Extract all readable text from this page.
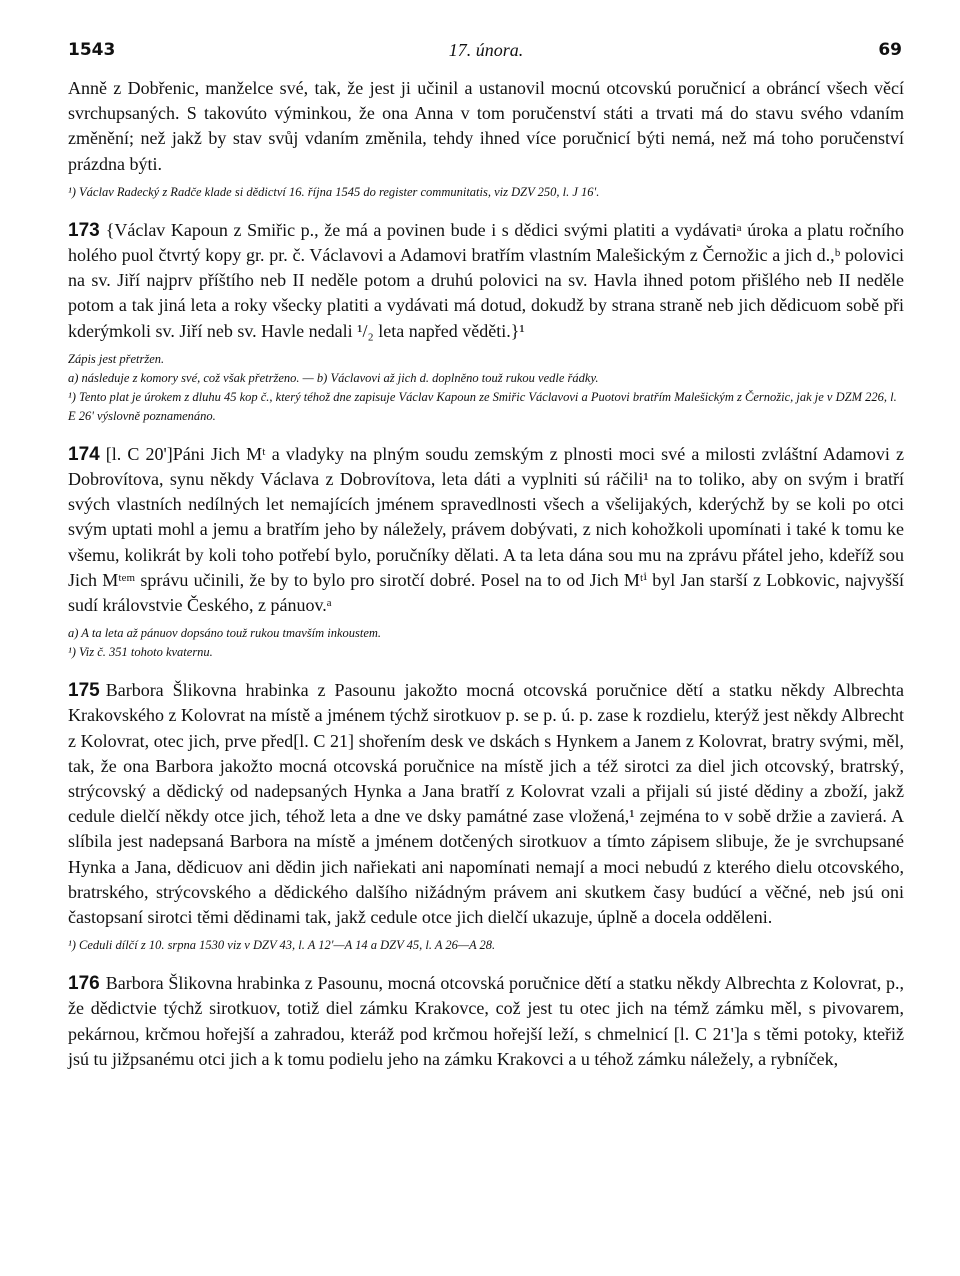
1543	17. února.	69

Anně z Dobřenic, manželce své, tak, že jest ji učinil a ustanovil mocnú otcovskú poručnicí a obráncí všech věcí svrchupsaných. S takovúto výminkou, že ona Anna v tom poručenství státi a trvati má do stavu svého vdaním změnění; než jakž by stav svůj vdaním změnila, tehdy ihned více poručnicí býti nemá, než má toho poručenství prázdna býti.

¹) Václav Radecký z Radče klade si dědictví 16. října 1545 do register communitatis, viz DZV 250, l. J 16'.

173 {Václav Kapoun z Smiřic p., že má a povinen bude i s dědici svými platiti a vydávatiᵃ úroka a platu ročního holého puol čtvrtý kopy gr. pr. č. Václavovi a Adamovi bratřím vlastním Malešickým z Černožic a jich d.,ᵇ polovici na sv. Jiří najprv příštího neb II neděle potom a druhú polovici na sv. Havla ihned potom přišlého neb II neděle potom a tak jiná leta a roky všecky platiti a vydávati má dotud, dokudž by strana straně neb jich dědicuom sobě při kderýmkoli sv. Jiří neb sv. Havle nedali ¹/₂ leta napřed věděti.}¹

Zápis jest přetržen.

a) následuje z komory své, což však přetrženo. — b) Václavovi až jich d. doplněno touž rukou vedle řádky.

¹) Tento plat je úrokem z dluhu 45 kop č., který téhož dne zapisuje Václav Kapoun ze Smiřic Václavovi a Puotovi bratřím Malešickým z Černožic, jak je v DZM 226, l. E 26' výslovně poznamenáno.

174 [l. C 20']Páni Jich Mᵗ a vladyky na plným soudu zemským z plnosti moci své a milosti zvláštní Adamovi z Dobrovítova, synu někdy Václava z Dobrovítova, leta dáti a vyplniti sú ráčili¹ na to toliko, aby on svým i bratří svých vlastních nedílných let nemajících jménem spravedlnosti všech a všelijakých, kderýchž by se koli po otci svým uptati mohl a jemu a bratřím jeho by náležely, právem dobývati, z nich kohožkoli upomínati i také k tomu ke všemu, kolikrát by koli toho potřebí bylo, poručníky dělati. A ta leta dána sou mu na zprávu přátel jeho, kdeříž sou Jich Mᵗᵉᵐ správu učinili, že by to bylo pro sirotčí dobré. Posel na to od Jich Mᵗⁱ byl Jan starší z Lobkovic, najvyšší sudí královstvie Českého, z pánuov.ᵃ

a) A ta leta až pánuov dopsáno touž rukou tmavším inkoustem.

¹) Viz č. 351 tohoto kvaternu.

175 Barbora Šlikovna hrabinka z Pasounu jakožto mocná otcovská poručnice dětí a statku někdy Albrechta Krakovského z Kolovrat na místě a jménem týchž sirotkuov p. se p. ú. p. zase k rozdielu, kterýž jest někdy Albrecht z Kolovrat, otec jich, prve před[l. C 21] shořením desk ve dskách s Hynkem a Janem z Kolovrat, bratry svými, měl, tak, že ona Barbora jakožto mocná otcovská poručnice na místě jich a též sirotci za diel jich otcovský, bratrský, strýcovský a dědický od nadepsaných Hynka a Jana bratří z Kolovrat vzali a přijali sú jisté dědiny a zboží, jakž cedule dielčí někdy otce jich, téhož leta a dne ve dsky památné zase vložená,¹ zejména to v sobě držie a zavierá. A slíbila jest nadepsaná Barbora na místě a jménem dotčených sirotkuov a tímto zápisem slibuje, že je svrchupsané Hynka a Jana, dědicuov ani dědin jich nařiekati ani napomínati nemají a moci nebudú z kterého dielu otcovského, bratrského, strýcovského a dědického dalšího nižádným právem ani skutkem časy budúcí a věčné, neb jsú oni častopsaní sirotci těmi dědinami tak, jakž cedule otce jich dielčí ukazuje, úplně a docela odděleni.

¹) Ceduli dílčí z 10. srpna 1530 viz v DZV 43, l. A 12'—A 14 a DZV 45, l. A 26—A 28.

176 Barbora Šlikovna hrabinka z Pasounu, mocná otcovská poručnice dětí a statku někdy Albrechta z Kolovrat, p., že dědictvie týchž sirotkuov, totiž diel zámku Krakovce, což jest tu otec jich na témž zámku měl, s pivovarem, pekárnou, krčmou hořejší a zahradou, kteráž pod krčmou hořejší leží, s chmelnicí [l. C 21']a s těmi potoky, kteřiž jsú tu jižpsanému otci jich a k tomu podielu jeho na zámku Krakovci a u téhož zámku náležely, a rybníček,
